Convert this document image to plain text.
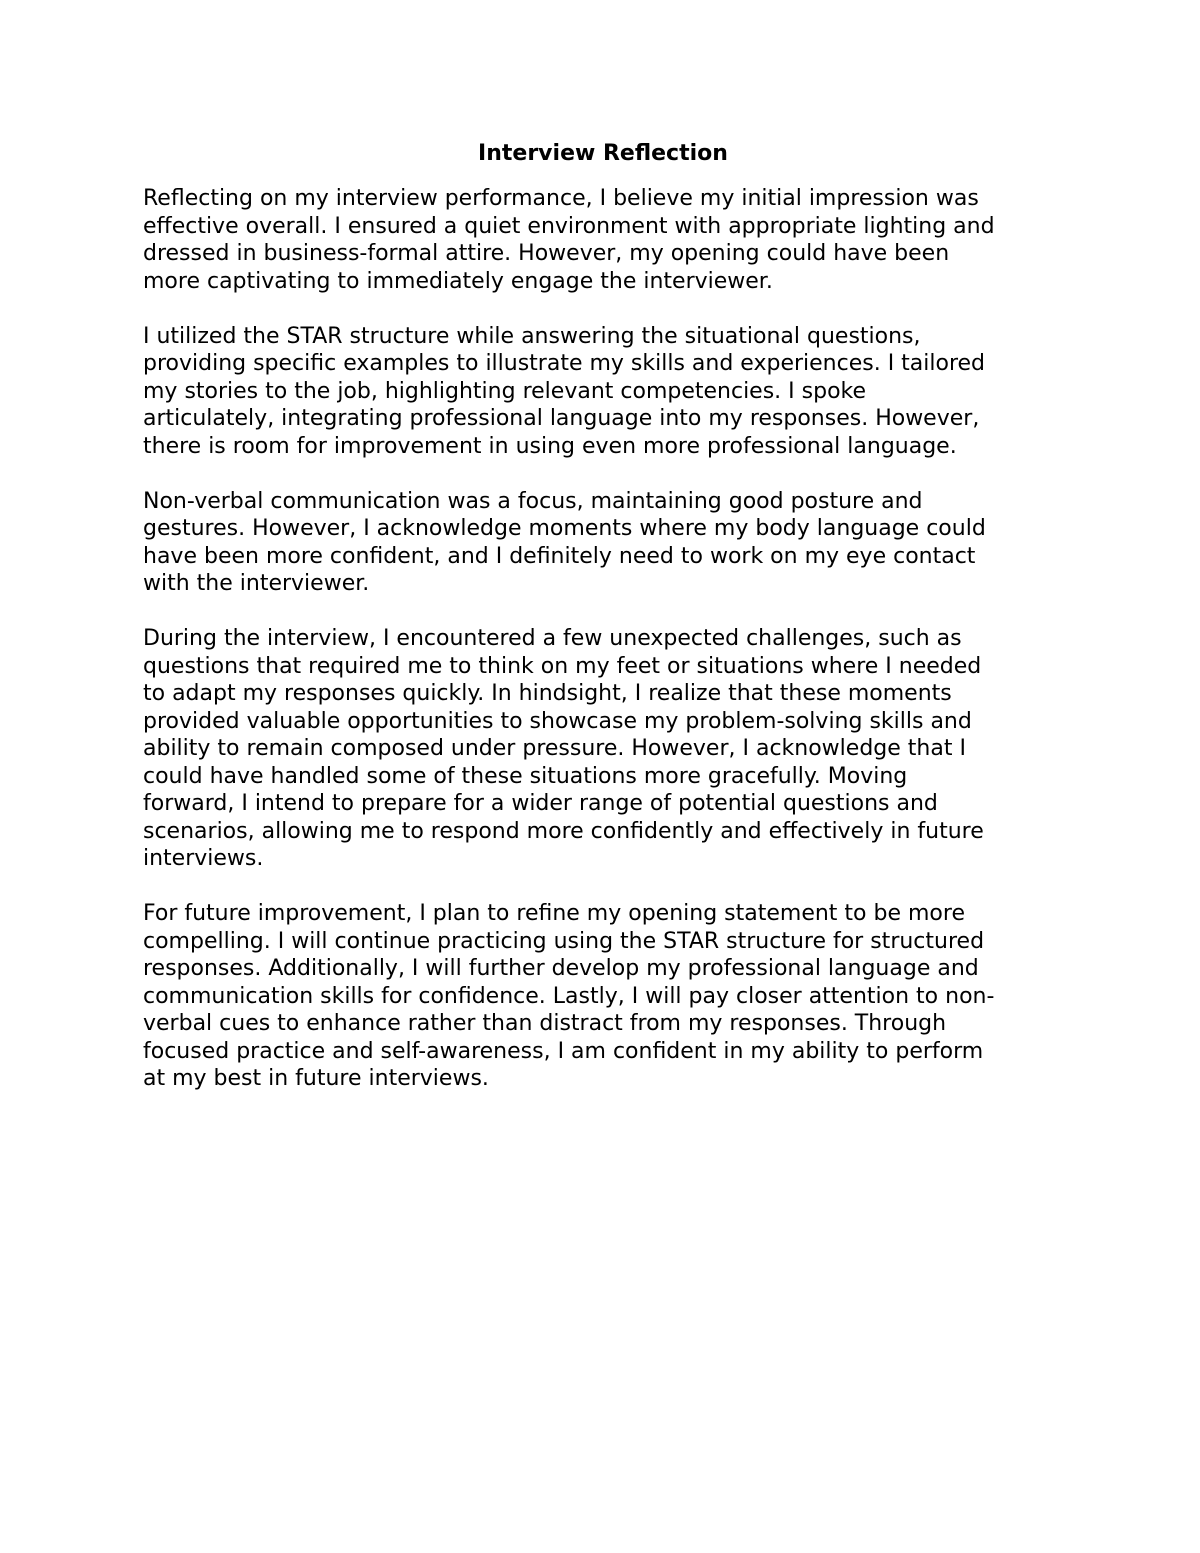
Interview Reflection

Reflecting on my interview performance, I believe my initial impression was
effective overall. I ensured a quiet environment with appropriate lighting and
dressed in business-formal attire. However, my opening could have been
more captivating to immediately engage the interviewer.

I utilized the STAR structure while answering the situational questions,
providing specific examples to illustrate my skills and experiences. I tailored
my stories to the job, highlighting relevant competencies. I spoke
articulately, integrating professional language into my responses. However,
there is room for improvement in using even more professional language.

Non-verbal communication was a focus, maintaining good posture and
gestures. However, I acknowledge moments where my body language could
have been more confident, and I definitely need to work on my eye contact
with the interviewer.

During the interview, I encountered a few unexpected challenges, such as
questions that required me to think on my feet or situations where I needed
to adapt my responses quickly. In hindsight, I realize that these moments
provided valuable opportunities to showcase my problem-solving skills and
ability to remain composed under pressure. However, I acknowledge that I
could have handled some of these situations more gracefully. Moving
forward, I intend to prepare for a wider range of potential questions and
scenarios, allowing me to respond more confidently and effectively in future
interviews.

For future improvement, I plan to refine my opening statement to be more
compelling. I will continue practicing using the STAR structure for structured
responses. Additionally, I will further develop my professional language and
communication skills for confidence. Lastly, I will pay closer attention to non-
verbal cues to enhance rather than distract from my responses. Through
focused practice and self-awareness, I am confident in my ability to perform
at my best in future interviews.
